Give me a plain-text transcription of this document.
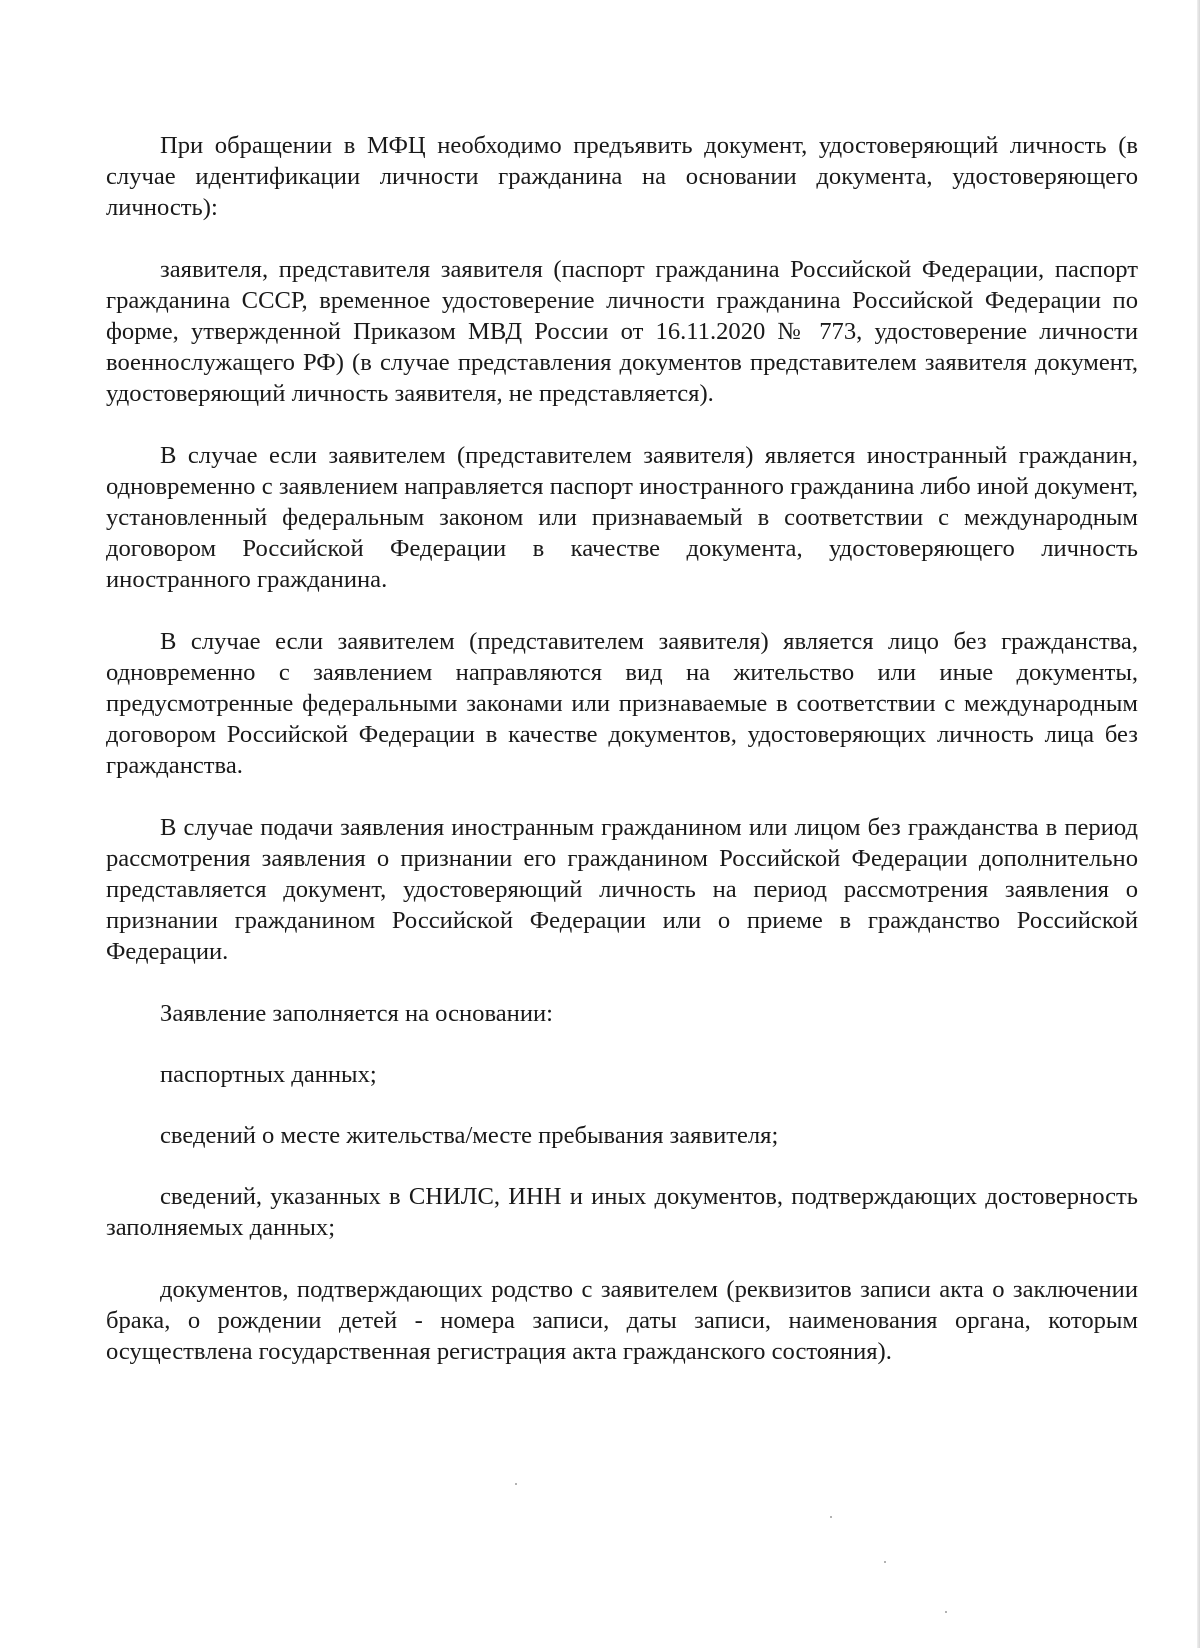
При обращении в МФЦ необходимо предъявить документ, удостоверяющий личность (в случае идентификации личности гражданина на основании документа, удостоверяющего личность):

заявителя, представителя заявителя (паспорт гражданина Российской Федерации, паспорт гражданина СССР, временное удостоверение личности гражданина Российской Федерации по форме, утвержденной Приказом МВД России от 16.11.2020 № 773, удостоверение личности военнослужащего РФ) (в случае представления документов представителем заявителя документ, удостоверяющий личность заявителя, не представляется).

В случае если заявителем (представителем заявителя) является иностранный гражданин, одновременно с заявлением направляется паспорт иностранного гражданина либо иной документ, установленный федеральным законом или признаваемый в соответствии с международным договором Российской Федерации в качестве документа, удостоверяющего личность иностранного гражданина.

В случае если заявителем (представителем заявителя) является лицо без гражданства, одновременно с заявлением направляются вид на жительство или иные документы, предусмотренные федеральными законами или признаваемые в соответствии с международным договором Российской Федерации в качестве документов, удостоверяющих личность лица без гражданства.

В случае подачи заявления иностранным гражданином или лицом без гражданства в период рассмотрения заявления о признании его гражданином Российской Федерации дополнительно представляется документ, удостоверяющий личность на период рассмотрения заявления о признании гражданином Российской Федерации или о приеме в гражданство Российской Федерации.

Заявление заполняется на основании:

паспортных данных;

сведений о месте жительства/месте пребывания заявителя;

сведений, указанных в СНИЛС, ИНН и иных документов, подтверждающих достоверность заполняемых данных;

документов, подтверждающих родство с заявителем (реквизитов записи акта о заключении брака, о рождении детей - номера записи, даты записи, наименования органа, которым осуществлена государственная регистрация акта гражданского состояния).
